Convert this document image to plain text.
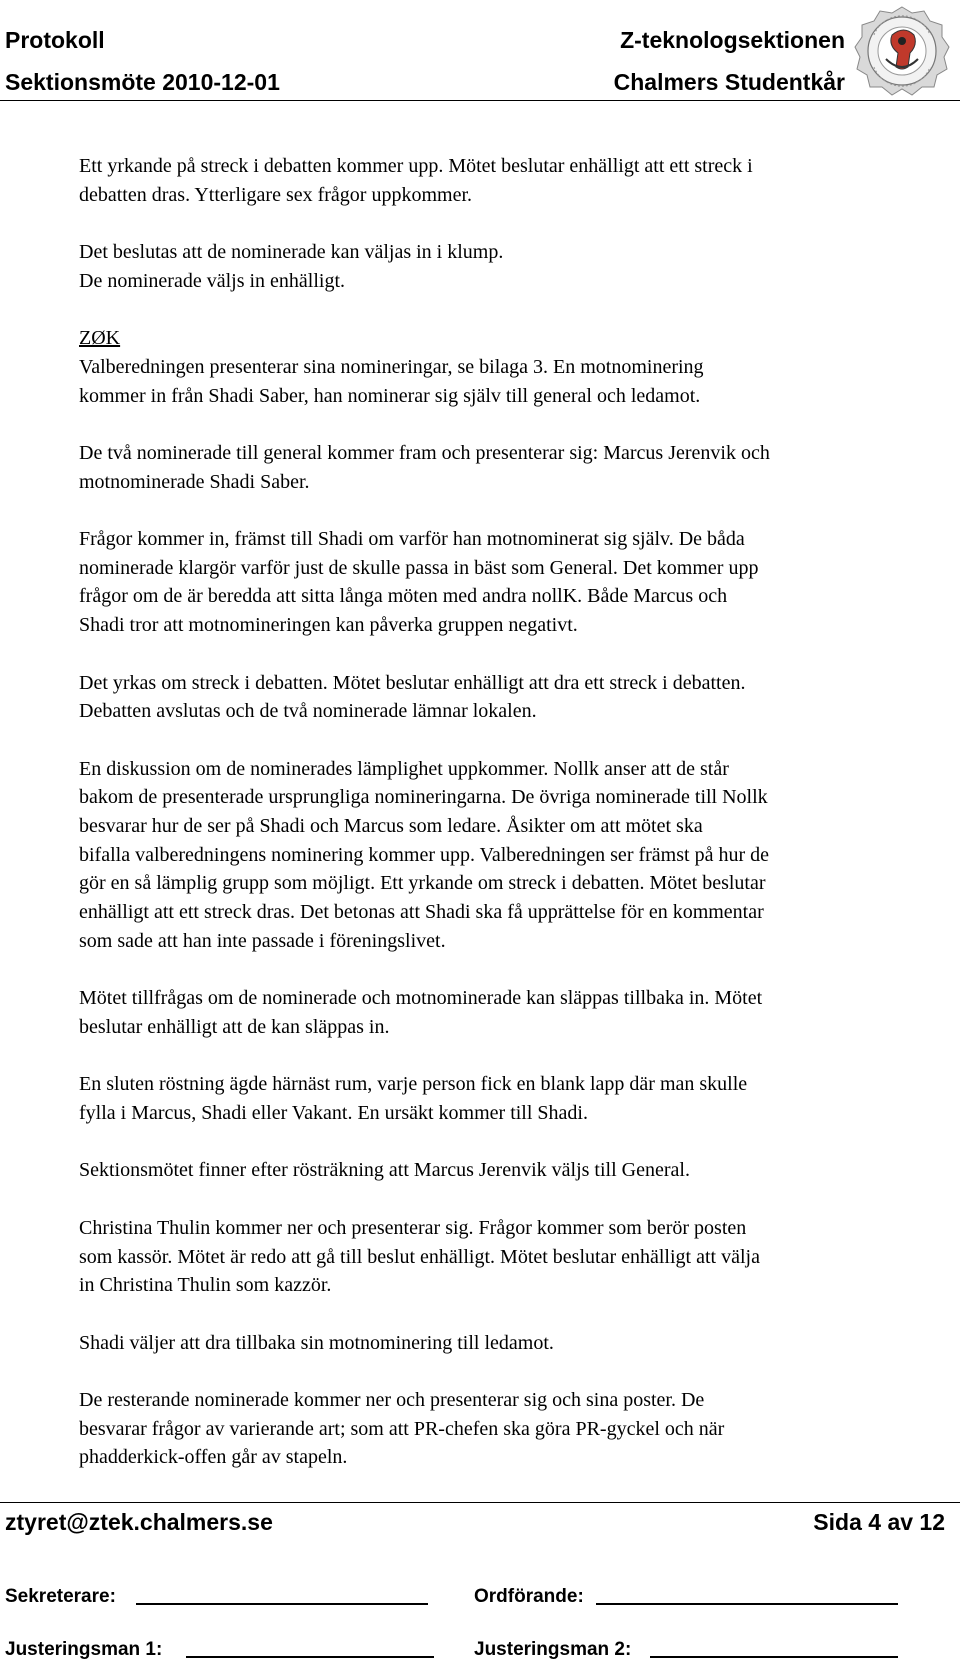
Protokoll
Sektionsmöte 2010-12-01
Z-teknologsektionen
Chalmers Studentkår

Ett yrkande på streck i debatten kommer upp. Mötet beslutar enhälligt att ett streck i
debatten dras. Ytterligare sex frågor uppkommer.

Det beslutas att de nominerade kan väljas in i klump.
De nominerade väljs in enhälligt.

ZØK
Valberedningen presenterar sina nomineringar, se bilaga 3. En motnominering
kommer in från Shadi Saber, han nominerar sig själv till general och ledamot.

De två nominerade till general kommer fram och presenterar sig: Marcus Jerenvik och
motnominerade Shadi Saber.

Frågor kommer in, främst till Shadi om varför han motnominerat sig själv. De båda
nominerade klargör varför just de skulle passa in bäst som General. Det kommer upp
frågor om de är beredda att sitta långa möten med andra nollK. Både Marcus och
Shadi tror att motnomineringen kan påverka gruppen negativt.

Det yrkas om streck i debatten. Mötet beslutar enhälligt att dra ett streck i debatten.
Debatten avslutas och de två nominerade lämnar lokalen.

En diskussion om de nominerades lämplighet uppkommer. Nollk anser att de står
bakom de presenterade ursprungliga nomineringarna. De övriga nominerade till Nollk
besvarar hur de ser på Shadi och Marcus som ledare. Åsikter om att mötet ska
bifalla valberedningens nominering kommer upp. Valberedningen ser främst på hur de
gör en så lämplig grupp som möjligt. Ett yrkande om streck i debatten. Mötet beslutar
enhälligt att ett streck dras. Det betonas att Shadi ska få upprättelse för en kommentar
som sade att han inte passade i föreningslivet.

Mötet tillfrågas om de nominerade och motnominerade kan släppas tillbaka in. Mötet
beslutar enhälligt att de kan släppas in.

En sluten röstning ägde härnäst rum, varje person fick en blank lapp där man skulle
fylla i Marcus, Shadi eller Vakant. En ursäkt kommer till Shadi.

Sektionsmötet finner efter rösträkning att Marcus Jerenvik väljs till General.

Christina Thulin kommer ner och presenterar sig. Frågor kommer som berör posten
som kassör. Mötet är redo att gå till beslut enhälligt. Mötet beslutar enhälligt att välja
in Christina Thulin som kazzör.

Shadi väljer att dra tillbaka sin motnominering till ledamot.

De resterande nominerade kommer ner och presenterar sig och sina poster. De
besvarar frågor av varierande art; som att PR-chefen ska göra PR-gyckel och när
phadderkick-offen går av stapeln.

ztyret@ztek.chalmers.se	Sida 4 av 12
Sekreterare:	Ordförande:
Justeringsman 1:	Justeringsman 2:
